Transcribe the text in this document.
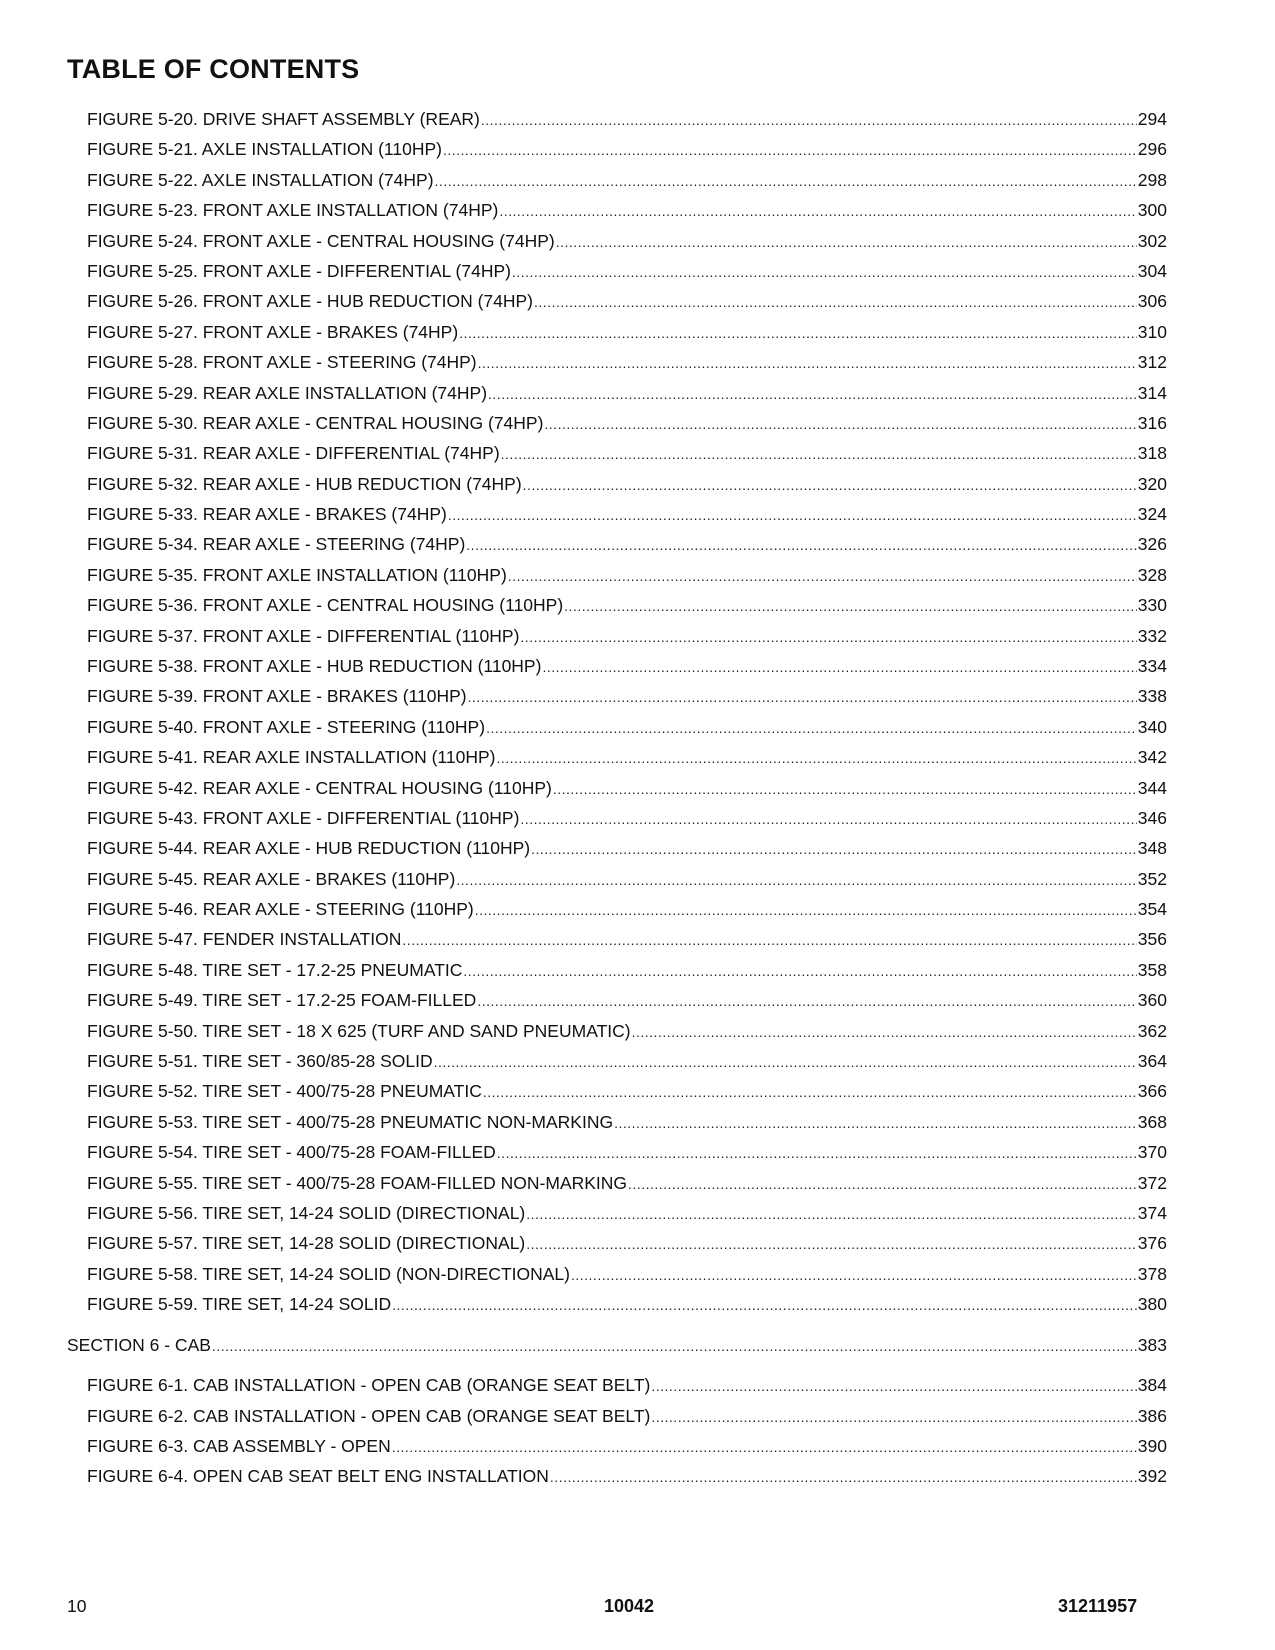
TABLE OF CONTENTS
FIGURE 5-20. DRIVE SHAFT ASSEMBLY (REAR) .....	294
FIGURE 5-21. AXLE INSTALLATION (110HP) .....	296
FIGURE 5-22. AXLE INSTALLATION (74HP) .....	298
FIGURE 5-23. FRONT AXLE INSTALLATION (74HP) .....	300
FIGURE 5-24. FRONT AXLE - CENTRAL HOUSING (74HP) .....	302
FIGURE 5-25. FRONT AXLE - DIFFERENTIAL (74HP) .....	304
FIGURE 5-26. FRONT AXLE - HUB REDUCTION (74HP) .....	306
FIGURE 5-27. FRONT AXLE - BRAKES (74HP) .....	310
FIGURE 5-28. FRONT AXLE - STEERING (74HP) .....	312
FIGURE 5-29. REAR AXLE INSTALLATION (74HP) .....	314
FIGURE 5-30. REAR AXLE - CENTRAL HOUSING (74HP) .....	316
FIGURE 5-31. REAR AXLE - DIFFERENTIAL (74HP) .....	318
FIGURE 5-32. REAR AXLE - HUB REDUCTION (74HP) .....	320
FIGURE 5-33. REAR AXLE - BRAKES (74HP) .....	324
FIGURE 5-34. REAR AXLE - STEERING (74HP) .....	326
FIGURE 5-35. FRONT AXLE INSTALLATION (110HP) .....	328
FIGURE 5-36. FRONT AXLE - CENTRAL HOUSING (110HP) .....	330
FIGURE 5-37. FRONT AXLE - DIFFERENTIAL (110HP) .....	332
FIGURE 5-38. FRONT AXLE - HUB REDUCTION (110HP) .....	334
FIGURE 5-39. FRONT AXLE - BRAKES (110HP) .....	338
FIGURE 5-40. FRONT AXLE - STEERING (110HP) .....	340
FIGURE 5-41. REAR AXLE INSTALLATION (110HP) .....	342
FIGURE 5-42. REAR AXLE - CENTRAL HOUSING (110HP) .....	344
FIGURE 5-43. FRONT AXLE - DIFFERENTIAL (110HP) .....	346
FIGURE 5-44. REAR AXLE - HUB REDUCTION (110HP) .....	348
FIGURE 5-45. REAR AXLE - BRAKES (110HP) .....	352
FIGURE 5-46. REAR AXLE - STEERING (110HP) .....	354
FIGURE 5-47. FENDER INSTALLATION .....	356
FIGURE 5-48. TIRE SET - 17.2-25 PNEUMATIC .....	358
FIGURE 5-49. TIRE SET - 17.2-25 FOAM-FILLED .....	360
FIGURE 5-50. TIRE SET - 18 X 625 (TURF AND SAND PNEUMATIC) .....	362
FIGURE 5-51. TIRE SET - 360/85-28 SOLID .....	364
FIGURE 5-52. TIRE SET - 400/75-28 PNEUMATIC .....	366
FIGURE 5-53. TIRE SET - 400/75-28 PNEUMATIC NON-MARKING .....	368
FIGURE 5-54. TIRE SET - 400/75-28 FOAM-FILLED .....	370
FIGURE 5-55. TIRE SET - 400/75-28 FOAM-FILLED NON-MARKING .....	372
FIGURE 5-56. TIRE SET, 14-24 SOLID (DIRECTIONAL) .....	374
FIGURE 5-57. TIRE SET, 14-28 SOLID (DIRECTIONAL) .....	376
FIGURE 5-58. TIRE SET, 14-24 SOLID (NON-DIRECTIONAL) .....	378
FIGURE 5-59. TIRE SET, 14-24 SOLID .....	380
SECTION 6 - CAB .....	383
FIGURE 6-1. CAB INSTALLATION - OPEN CAB (ORANGE SEAT BELT) .....	384
FIGURE 6-2. CAB INSTALLATION - OPEN CAB (ORANGE SEAT BELT) .....	386
FIGURE 6-3. CAB ASSEMBLY - OPEN .....	390
FIGURE 6-4. OPEN CAB SEAT BELT ENG INSTALLATION .....	392

10	10042	31211957
